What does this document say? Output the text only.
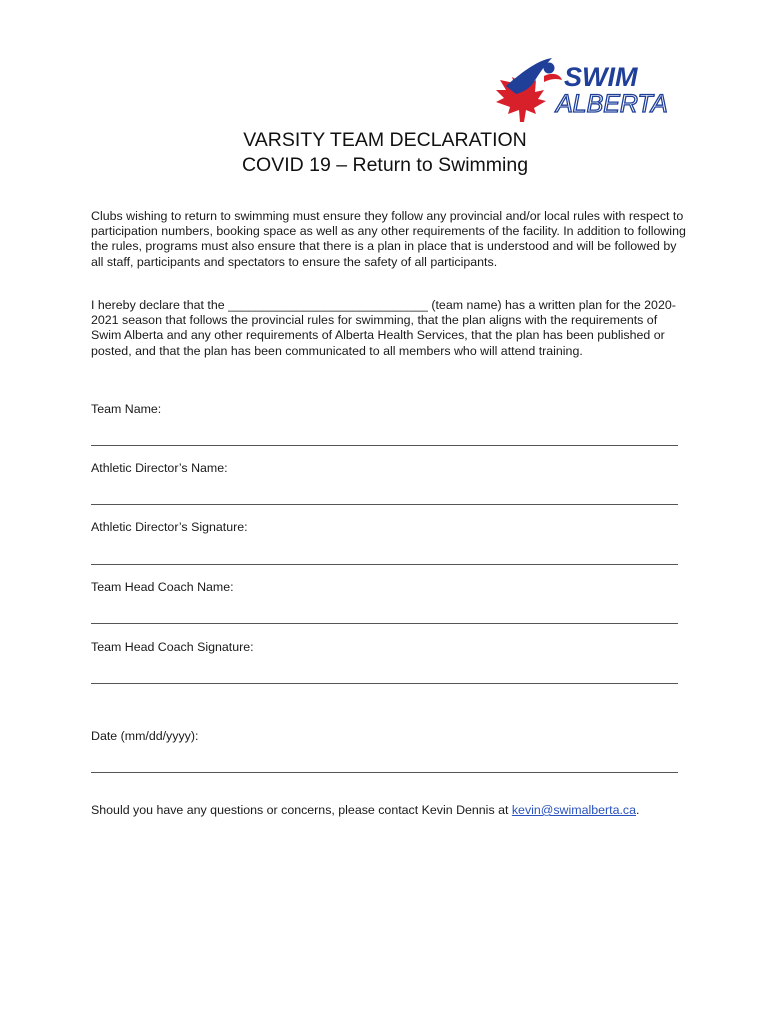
SWIM
ALBERTA
VARSITY TEAM DECLARATION
COVID 19 – Return to Swimming
Clubs wishing to return to swimming must ensure they follow any provincial and/or local rules with respect to participation numbers, booking space as well as any other requirements of the facility. In addition to following the rules, programs must also ensure that there is a plan in place that is understood and will be followed by all staff, participants and spectators to ensure the safety of all participants.
I hereby declare that the _____________________________ (team name) has a written plan for the 2020-2021 season that follows the provincial rules for swimming, that the plan aligns with the requirements of Swim Alberta and any other requirements of Alberta Health Services, that the plan has been published or posted, and that the plan has been communicated to all members who will attend training.
Team Name:
Athletic Director’s Name:
Athletic Director’s Signature:
Team Head Coach Name:
Team Head Coach Signature:
Date (mm/dd/yyyy):
Should you have any questions or concerns, please contact Kevin Dennis at kevin@swimalberta.ca.
